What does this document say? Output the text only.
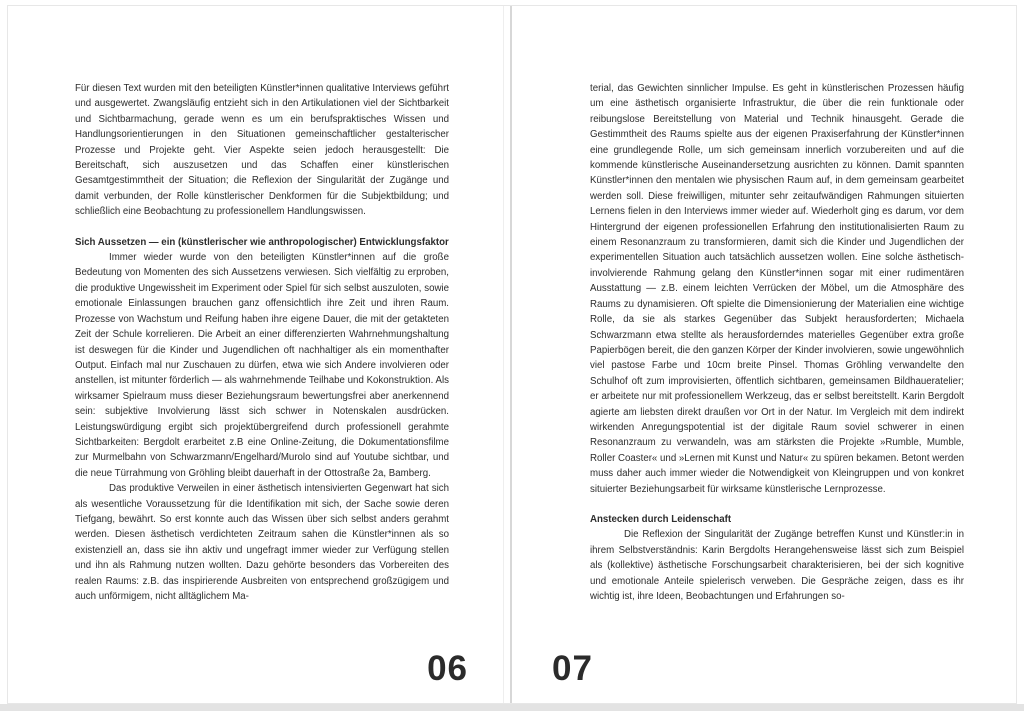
Für diesen Text wurden mit den beteiligten Künstler*innen qualitative Interviews geführt und ausgewertet. Zwangsläufig entzieht sich in den Artikulationen viel der Sichtbarkeit und Sichtbarmachung, gerade wenn es um ein berufspraktisches Wissen und Handlungsorientierungen in den Situationen gemeinschaftlicher gestalterischer Prozesse und Projekte geht. Vier Aspekte seien jedoch herausgestellt: Die Bereitschaft, sich auszusetzen und das Schaffen einer künstlerischen Gesamtgestimmtheit der Situation; die Reflexion der Singularität der Zugänge und damit verbunden, der Rolle künstlerischer Denkformen für die Subjektbildung; und schließlich eine Beobachtung zu professionellem Handlungswissen.
Sich Aussetzen — ein (künstlerischer wie anthropologischer) Entwicklungsfaktor
Immer wieder wurde von den beteiligten Künstler*innen auf die große Bedeutung von Momenten des sich Aussetzens verwiesen. Sich vielfältig zu erproben, die produktive Ungewissheit im Experiment oder Spiel für sich selbst auszuloten, sowie emotionale Einlassungen brauchen ganz offensichtlich ihre Zeit und ihren Raum. Prozesse von Wachstum und Reifung haben ihre eigene Dauer, die mit der getakteten Zeit der Schule korrelieren. Die Arbeit an einer differenzierten Wahrnehmungshaltung ist deswegen für die Kinder und Jugendlichen oft nachhaltiger als ein momenthafter Output. Einfach mal nur Zuschauen zu dürfen, etwa wie sich Andere involvieren oder anstellen, ist mitunter förderlich — als wahrnehmende Teilhabe und Kokonstruktion. Als wirksamer Spielraum muss dieser Beziehungsraum bewertungsfrei aber anerkennend sein: subjektive Involvierung lässt sich schwer in Notenskalen ausdrücken. Leistungswürdigung ergibt sich projektübergreifend durch professionell gerahmte Sichtbarkeiten: Bergdolt erarbeitet z.B eine Online-Zeitung, die Dokumentationsfilme zur Murmelbahn von Schwarzmann/Engelhard/Murolo sind auf Youtube sichtbar, und die neue Türrahmung von Gröhling bleibt dauerhaft in der Ottostraße 2a, Bamberg.
Das produktive Verweilen in einer ästhetisch intensivierten Gegenwart hat sich als wesentliche Voraussetzung für die Identifikation mit sich, der Sache sowie deren Tiefgang, bewährt. So erst konnte auch das Wissen über sich selbst anders gerahmt werden. Diesen ästhetisch verdichteten Zeitraum sahen die Künstler*innen als so existenziell an, dass sie ihn aktiv und ungefragt immer wieder zur Verfügung stellen und ihn als Rahmung nutzen wollten. Dazu gehörte besonders das Vorbereiten des realen Raums: z.B. das inspirierende Ausbreiten von entsprechend großzügigem und auch unförmigem, nicht alltäglichem Ma-
terial, das Gewichten sinnlicher Impulse. Es geht in künstlerischen Prozessen häufig um eine ästhetisch organisierte Infrastruktur, die über die rein funktionale oder reibungslose Bereitstellung von Material und Technik hinausgeht. Gerade die Gestimmtheit des Raums spielte aus der eigenen Praxiserfahrung der Künstler*innen eine grundlegende Rolle, um sich gemeinsam innerlich vorzubereiten und auf die kommende künstlerische Auseinandersetzung ausrichten zu können. Damit spannten Künstler*innen den mentalen wie physischen Raum auf, in dem gemeinsam gearbeitet werden soll. Diese freiwilligen, mitunter sehr zeitaufwändigen Rahmungen situierten Lernens fielen in den Interviews immer wieder auf. Wiederholt ging es darum, vor dem Hintergrund der eigenen professionellen Erfahrung den institutionalisierten Raum zu einem Resonanzraum zu transformieren, damit sich die Kinder und Jugendlichen der experimentellen Situation auch tatsächlich aussetzen wollen. Eine solche ästhetisch-involvierende Rahmung gelang den Künstler*innen sogar mit einer rudimentären Ausstattung — z.B. einem leichten Verrücken der Möbel, um die Atmosphäre des Raums zu dynamisieren. Oft spielte die Dimensionierung der Materialien eine wichtige Rolle, da sie als starkes Gegenüber das Subjekt herausforderten; Michaela Schwarzmann etwa stellte als herausforderndes materielles Gegenüber extra große Papierbögen bereit, die den ganzen Körper der Kinder involvieren, sowie ungewöhnlich viel pastose Farbe und 10cm breite Pinsel. Thomas Gröhling verwandelte den Schulhof oft zum improvisierten, öffentlich sichtbaren, gemeinsamen Bildhaueratelier; er arbeitete nur mit professionellem Werkzeug, das er selbst bereitstellt. Karin Bergdolt agierte am liebsten direkt draußen vor Ort in der Natur. Im Vergleich mit dem indirekt wirkenden Anregungspotential ist der digitale Raum soviel schwerer in einen Resonanzraum zu verwandeln, was am stärksten die Projekte »Rumble, Mumble, Roller Coaster« und »Lernen mit Kunst und Natur« zu spüren bekamen. Betont werden muss daher auch immer wieder die Notwendigkeit von Kleingruppen und von konkret situierter Beziehungsarbeit für wirksame künstlerische Lernprozesse.
Anstecken durch Leidenschaft
Die Reflexion der Singularität der Zugänge betreffen Kunst und Künstler:in in ihrem Selbstverständnis: Karin Bergdolts Herangehensweise lässt sich zum Beispiel als (kollektive) ästhetische Forschungsarbeit charakterisieren, bei der sich kognitive und emotionale Anteile spielerisch verweben. Die Gespräche zeigen, dass es ihr wichtig ist, ihre Ideen, Beobachtungen und Erfahrungen so-
06 07
